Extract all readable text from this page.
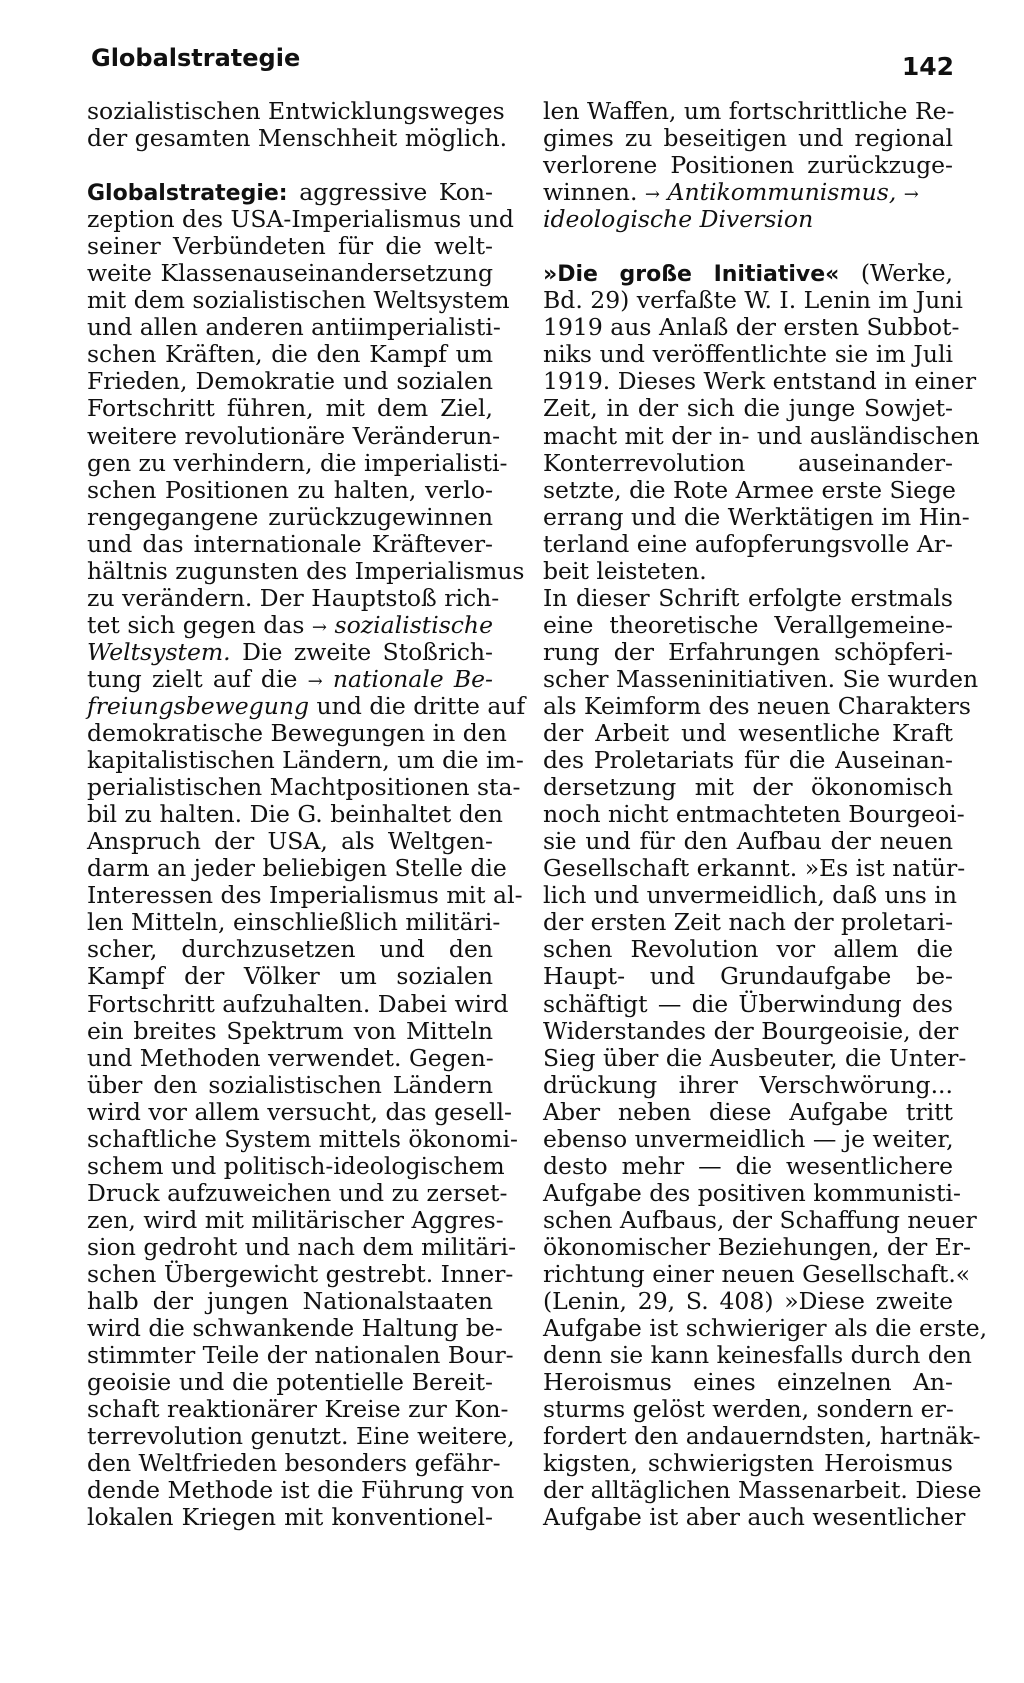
Globalstrategie	142
sozialistischen Entwicklungsweges
der gesamten Menschheit möglich.
Globalstrategie: aggressive Kon-
zeption des USA-Imperialismus und
seiner Verbündeten für die welt-
weite Klassenauseinandersetzung
mit dem sozialistischen Weltsystem
und allen anderen antiimperialisti-
schen Kräften, die den Kampf um
Frieden, Demokratie und sozialen
Fortschritt führen, mit dem Ziel,
weitere revolutionäre Veränderun-
gen zu verhindern, die imperialisti-
schen Positionen zu halten, verlo-
rengegangene zurückzugewinnen
und das internationale Kräftever-
hältnis zugunsten des Imperialismus
zu verändern. Der Hauptstoß rich-
tet sich gegen das → sozialistische
Weltsystem. Die zweite Stoßrich-
tung zielt auf die → nationale Be-
freiungsbewegung und die dritte auf
demokratische Bewegungen in den
kapitalistischen Ländern, um die im-
perialistischen Machtpositionen sta-
bil zu halten. Die G. beinhaltet den
Anspruch der USA, als Weltgen-
darm an jeder beliebigen Stelle die
Interessen des Imperialismus mit al-
len Mitteln, einschließlich militäri-
scher, durchzusetzen und den
Kampf der Völker um sozialen
Fortschritt aufzuhalten. Dabei wird
ein breites Spektrum von Mitteln
und Methoden verwendet. Gegen-
über den sozialistischen Ländern
wird vor allem versucht, das gesell-
schaftliche System mittels ökonomi-
schem und politisch-ideologischem
Druck aufzuweichen und zu zerset-
zen, wird mit militärischer Aggres-
sion gedroht und nach dem militäri-
schen Übergewicht gestrebt. Inner-
halb der jungen Nationalstaaten
wird die schwankende Haltung be-
stimmter Teile der nationalen Bour-
geoisie und die potentielle Bereit-
schaft reaktionärer Kreise zur Kon-
terrevolution genutzt. Eine weitere,
den Weltfrieden besonders gefähr-
dende Methode ist die Führung von
lokalen Kriegen mit konventionel-
len Waffen, um fortschrittliche Re-
gimes zu beseitigen und regional
verlorene Positionen zurückzuge-
winnen. → Antikommunismus, →
ideologische Diversion
»Die große Initiative« (Werke,
Bd. 29) verfaßte W. I. Lenin im Juni
1919 aus Anlaß der ersten Subbot-
niks und veröffentlichte sie im Juli
1919. Dieses Werk entstand in einer
Zeit, in der sich die junge Sowjet-
macht mit der in- und ausländischen
Konterrevolution auseinander-
setzte, die Rote Armee erste Siege
errang und die Werktätigen im Hin-
terland eine aufopferungsvolle Ar-
beit leisteten.
In dieser Schrift erfolgte erstmals
eine theoretische Verallgemeine-
rung der Erfahrungen schöpferi-
scher Masseninitiativen. Sie wurden
als Keimform des neuen Charakters
der Arbeit und wesentliche Kraft
des Proletariats für die Auseinan-
dersetzung mit der ökonomisch
noch nicht entmachteten Bourgeoi-
sie und für den Aufbau der neuen
Gesellschaft erkannt. »Es ist natür-
lich und unvermeidlich, daß uns in
der ersten Zeit nach der proletari-
schen Revolution vor allem die
Haupt- und Grundaufgabe be-
schäftigt — die Überwindung des
Widerstandes der Bourgeoisie, der
Sieg über die Ausbeuter, die Unter-
drückung ihrer Verschwörung...
Aber neben diese Aufgabe tritt
ebenso unvermeidlich — je weiter,
desto mehr — die wesentlichere
Aufgabe des positiven kommunisti-
schen Aufbaus, der Schaffung neuer
ökonomischer Beziehungen, der Er-
richtung einer neuen Gesellschaft.«
(Lenin, 29, S. 408) »Diese zweite
Aufgabe ist schwieriger als die erste,
denn sie kann keinesfalls durch den
Heroismus eines einzelnen An-
sturms gelöst werden, sondern er-
fordert den andauerndsten, hartnäk-
kigsten, schwierigsten Heroismus
der alltäglichen Massenarbeit. Diese
Aufgabe ist aber auch wesentlicher
